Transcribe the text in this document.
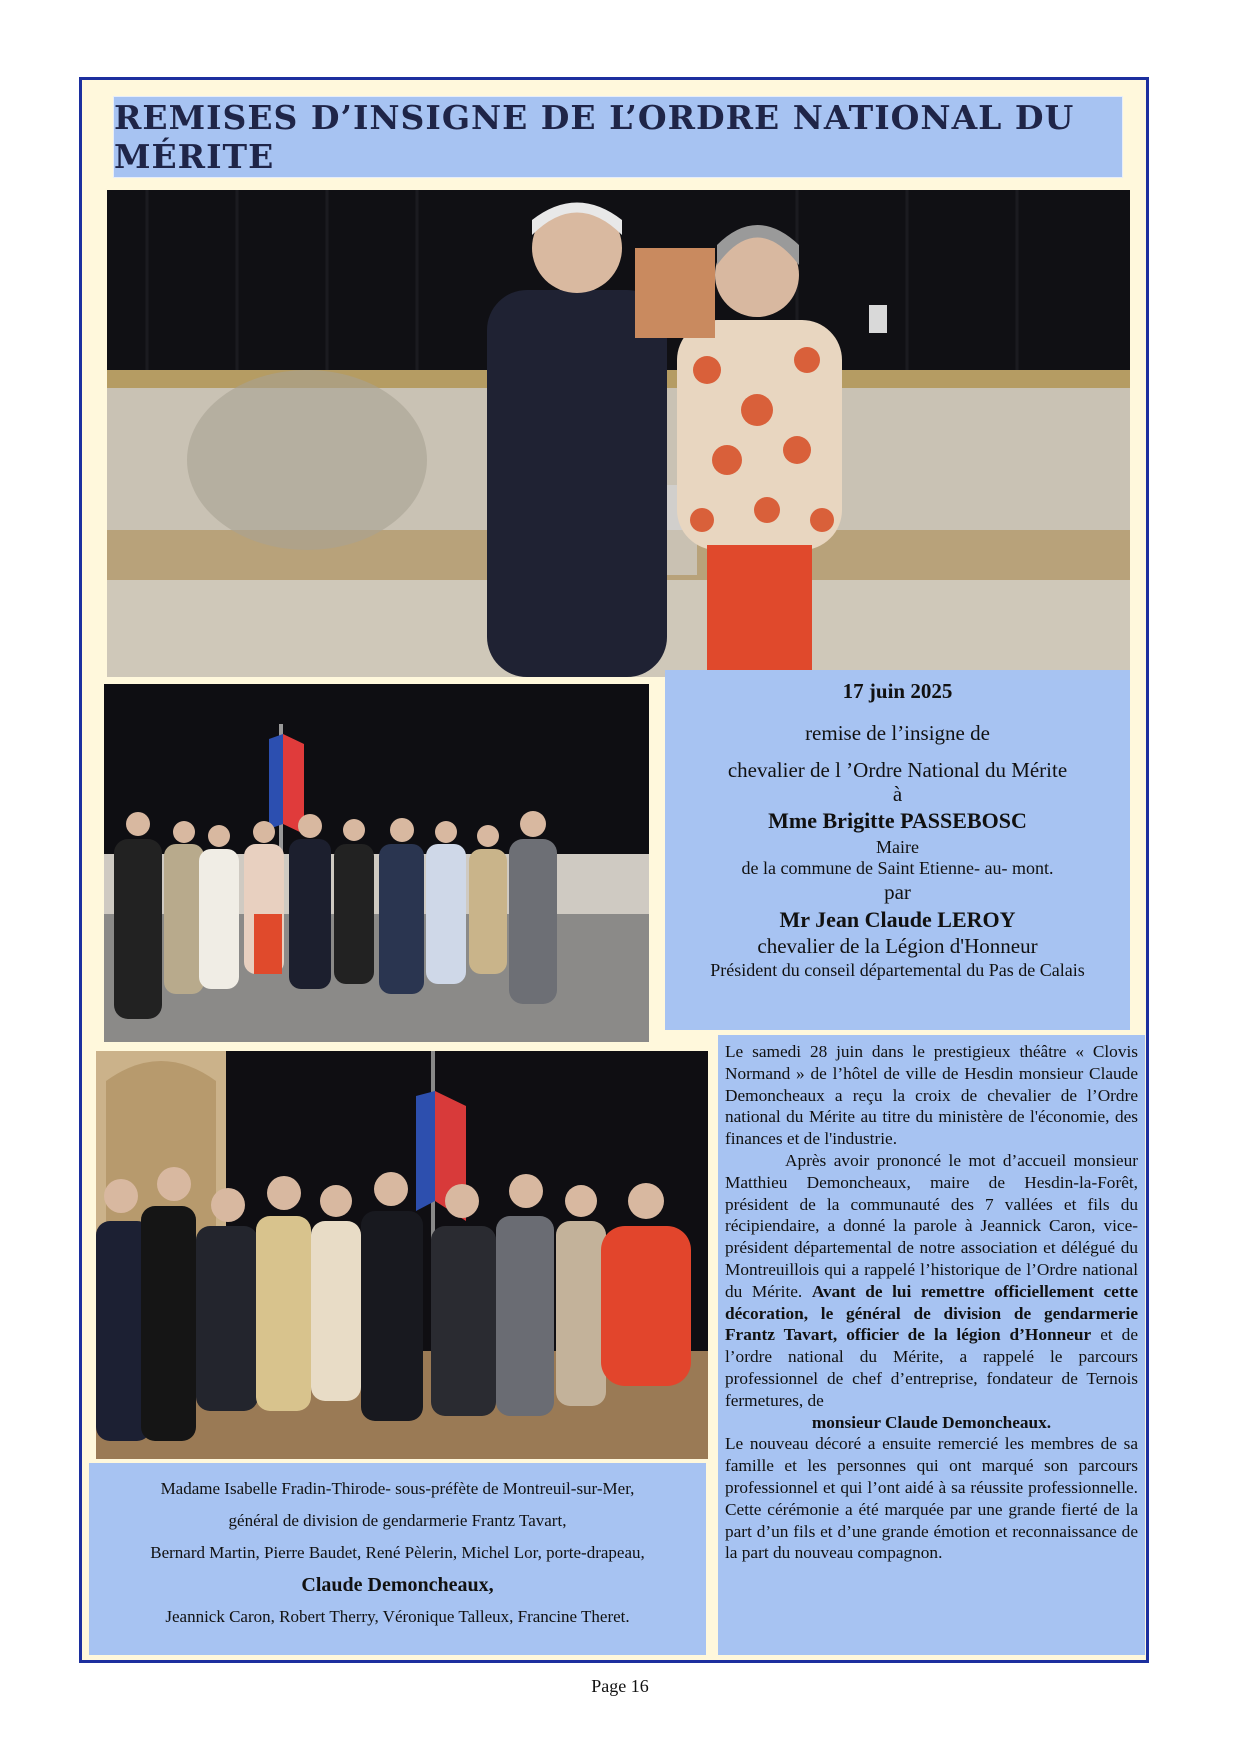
REMISES D’INSIGNE DE L’ORDRE NATIONAL DU MÉRITE

17 juin 2025

remise de l’insigne de

chevalier de l ’Ordre National du Mérite

à

Mme Brigitte PASSEBOSC

Maire

de la commune de Saint Etienne- au- mont.

par

Mr Jean Claude LEROY

chevalier de la Légion d'Honneur

Président du conseil départemental du Pas de Calais

Madame Isabelle Fradin-Thirode- sous-préfète de Montreuil-sur-Mer,

général de division de gendarmerie Frantz Tavart,

Bernard Martin, Pierre Baudet, René Pèlerin, Michel Lor, porte-drapeau,

Claude Demoncheaux,

Jeannick Caron, Robert Therry, Véronique Talleux, Francine Theret.

Le samedi 28 juin dans le prestigieux théâtre « Clovis Normand » de l’hôtel de ville de Hesdin monsieur Claude Demoncheaux a reçu la croix de chevalier de l’Ordre national du Mérite au titre du ministère de l'économie, des finances et de l'industrie.

Après avoir prononcé le mot d’accueil monsieur Matthieu Demoncheaux, maire de Hesdin-la-Forêt, président de la communauté des 7 vallées et fils du récipiendaire, a donné la parole à Jeannick Caron, vice-président départemental de notre association et délégué du Montreuillois qui a rappelé l’historique de l’Ordre national du Mérite. Avant de lui remettre officiellement cette décoration, le général de division de gendarmerie Frantz Tavart, officier de la légion d’Honneur et de l’ordre national du Mérite, a rappelé le parcours professionnel de chef d’entreprise, fondateur de Ternois fermetures, de

monsieur Claude Demoncheaux.

Le nouveau décoré a ensuite remercié les membres de sa famille et les personnes qui ont marqué son parcours professionnel et qui l’ont aidé à sa réussite professionnelle. Cette cérémonie a été marquée par une grande fierté de la part d’un fils et d’une grande émotion et reconnaissance de la part du nouveau compagnon.

Page 16
